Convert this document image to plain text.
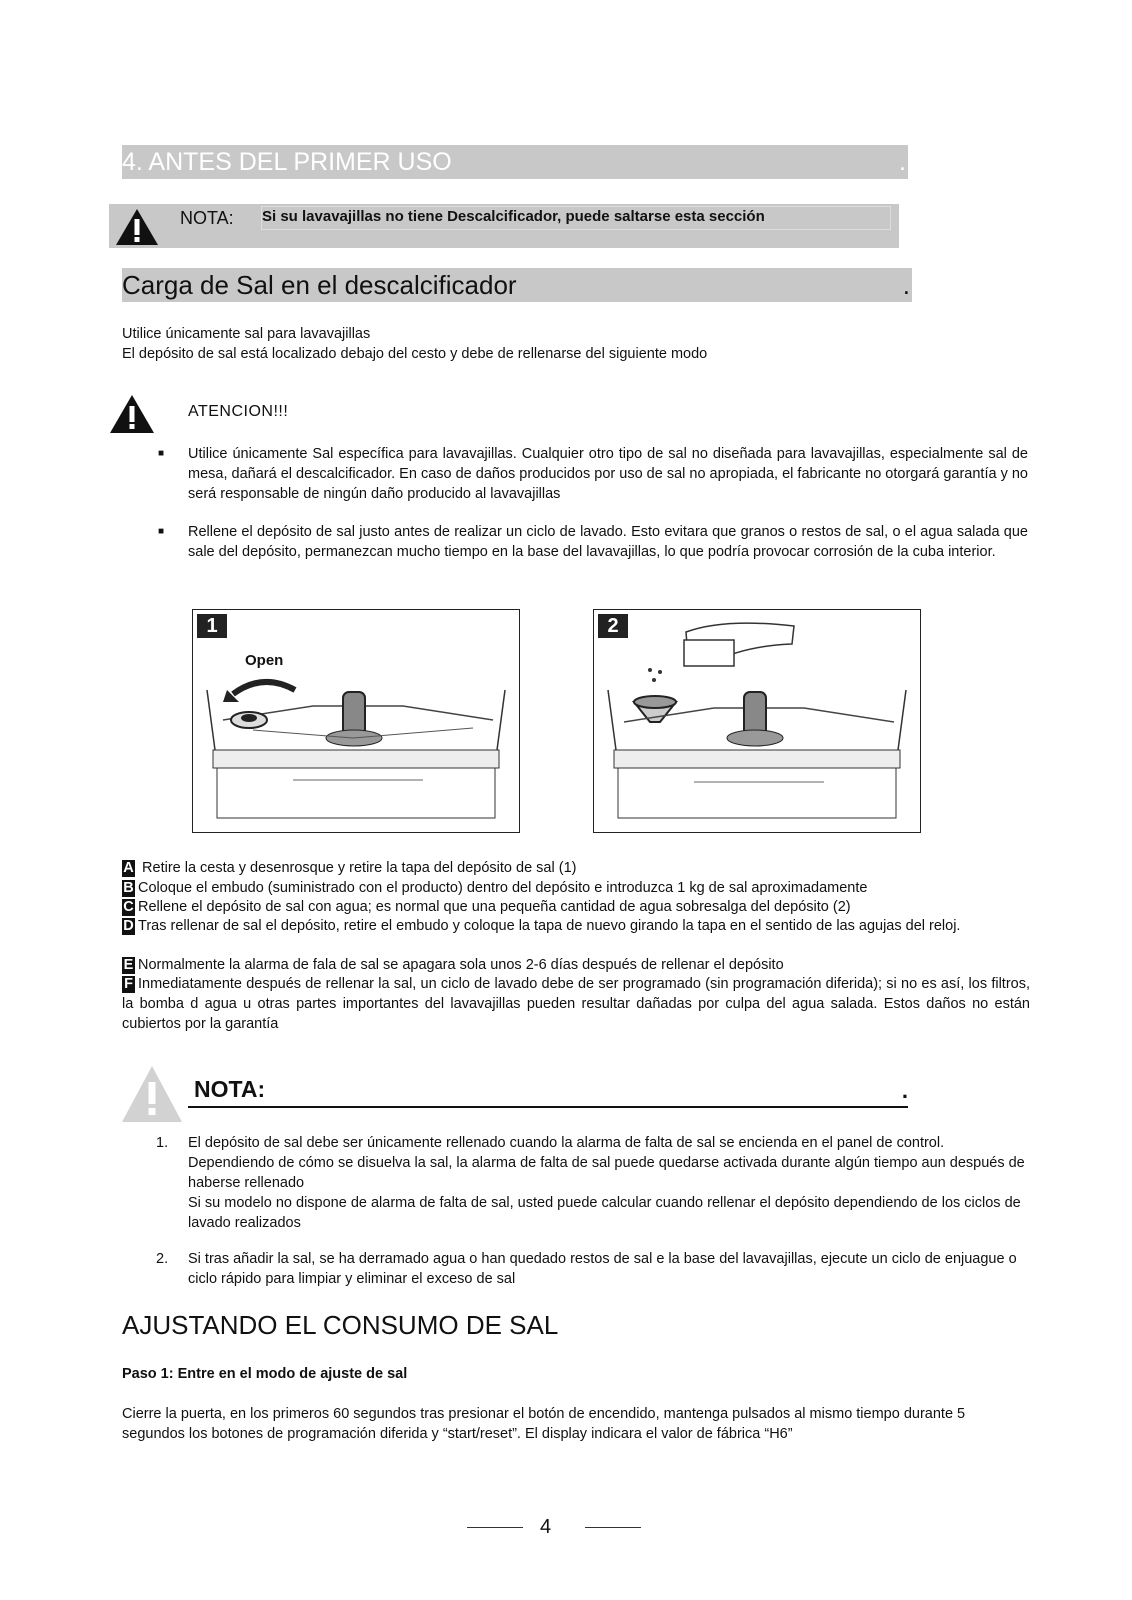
4. ANTES DEL PRIMER USO	.
NOTA: Si su lavavajillas no tiene Descalcificador, puede saltarse esta sección
Carga de Sal en el descalcificador	.
Utilice únicamente sal para lavavajillas
El depósito de sal está localizado debajo del cesto y debe de rellenarse del siguiente modo
ATENCION!!!
■ Utilice únicamente Sal específica para lavavajillas. Cualquier otro tipo de sal no diseñada para lavavajillas, especialmente sal de mesa, dañará el descalcificador. En caso de daños producidos por uso de sal no apropiada, el fabricante no otorgará garantía y no será responsable de ningún daño producido al lavavajillas
■ Rellene el depósito de sal justo antes de realizar un ciclo de lavado. Esto evitara que granos o restos de sal, o el agua salada que sale del depósito, permanezcan mucho tiempo en la base del lavavajillas, lo que podría provocar corrosión de la cuba interior.
1
Open
2
A Retire la cesta y desenrosque y retire la tapa del depósito de sal (1)
B Coloque el embudo (suministrado con el producto) dentro del depósito e introduzca 1 kg de sal aproximadamente
C Rellene el depósito de sal con agua; es normal que una pequeña cantidad de agua sobresalga del depósito (2)
D Tras rellenar de sal el depósito, retire el embudo y coloque la tapa de nuevo girando la tapa en el sentido de las agujas del reloj.
E Normalmente la alarma de fala de sal se apagara sola unos 2-6 días después de rellenar el depósito
F Inmediatamente después de rellenar la sal, un ciclo de lavado debe de ser programado (sin programación diferida); si no es así, los filtros, la bomba d agua u otras partes importantes del lavavajillas pueden resultar dañadas por culpa del agua salada. Estos daños no están cubiertos por la garantía
NOTA:	.
1. El depósito de sal debe ser únicamente rellenado cuando la alarma de falta de sal se encienda en el panel de control. Dependiendo de cómo se disuelva la sal, la alarma de falta de sal puede quedarse activada durante algún tiempo aun después de haberse rellenado
Si su modelo no dispone de alarma de falta de sal, usted puede calcular cuando rellenar el depósito dependiendo de los ciclos de lavado realizados
2. Si tras añadir la sal, se ha derramado agua o han quedado restos de sal e la base del lavavajillas, ejecute un ciclo de enjuague o ciclo rápido para limpiar y eliminar el exceso de sal
AJUSTANDO EL CONSUMO DE SAL
Paso 1: Entre en el modo de ajuste de sal
Cierre la puerta, en los primeros 60 segundos tras presionar el botón de encendido, mantenga pulsados al mismo tiempo durante 5 segundos los botones de programación diferida y “start/reset”. El display indicara el valor de fábrica “H6”
4
